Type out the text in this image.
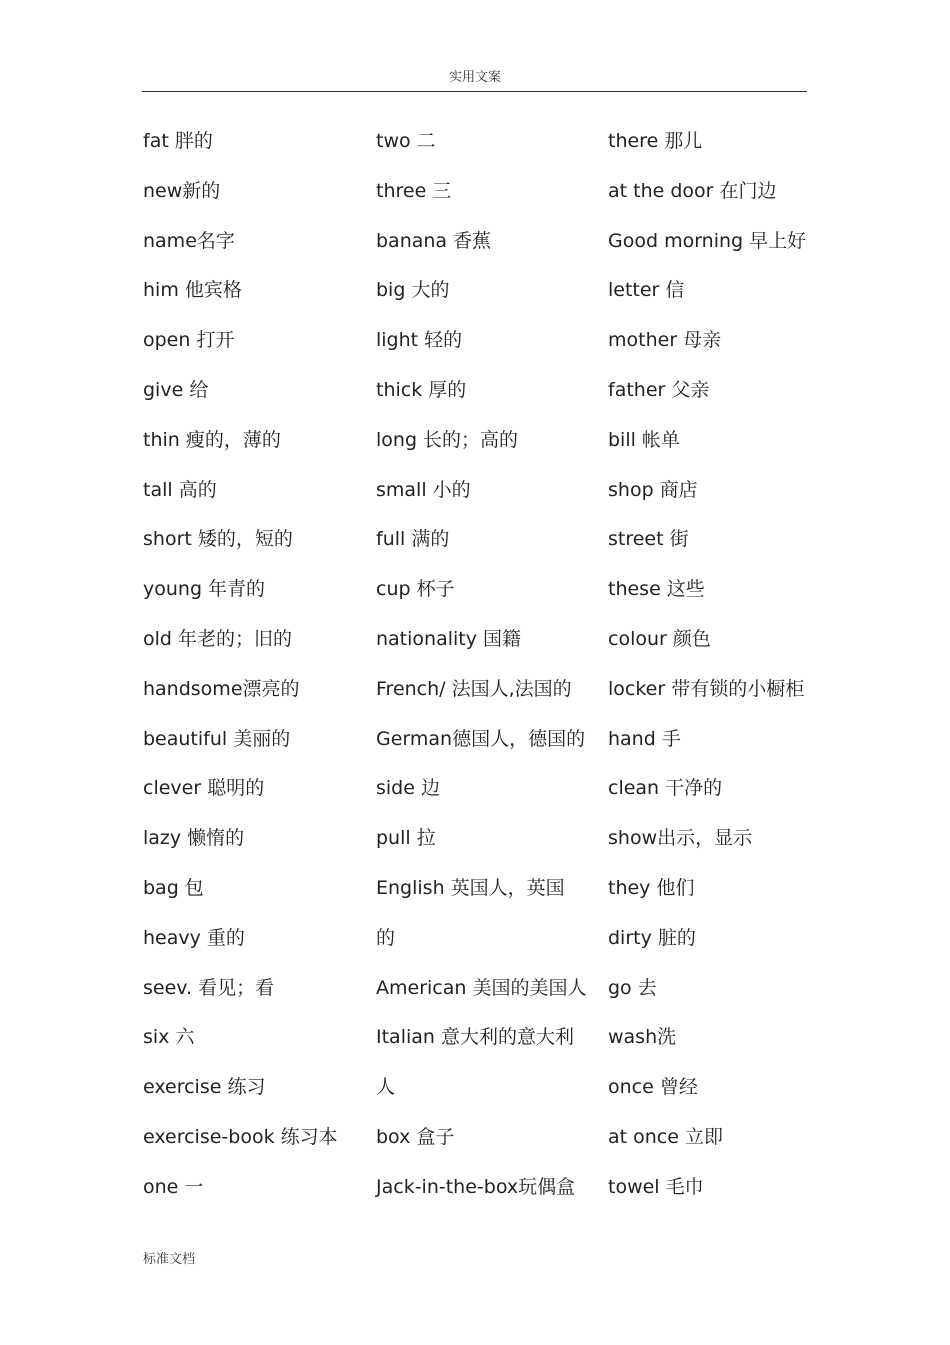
实用文案
fat 胖的
new新的
name名字
him 他宾格
open 打开
give 给
thin 瘦的，薄的
tall 高的
short 矮的，短的
young 年青的
old 年老的；旧的
handsome漂亮的
beautiful 美丽的
clever 聪明的
lazy 懒惰的
bag 包
heavy 重的
seev. 看见；看
six 六
exercise 练习
exercise-book 练习本
one 一
two 二
three 三
banana 香蕉
big 大的
light 轻的
thick 厚的
long 长的；高的
small 小的
full 满的
cup 杯子
nationality 国籍
French/ 法国人,法国的
German德国人，德国的
side 边
pull 拉
English 英国人，英国
的
American 美国的美国人
Italian 意大利的意大利
人
box 盒子
Jack-in-the-box玩偶盒
there 那儿
at the door 在门边
Good morning 早上好
letter 信
mother 母亲
father 父亲
bill 帐单
shop 商店
street 街
these 这些
colour 颜色
locker 带有锁的小橱柜
hand 手
clean 干净的
show出示，显示
they 他们
dirty 脏的
go 去
wash洗
once 曾经
at once 立即
towel 毛巾
标准文档
